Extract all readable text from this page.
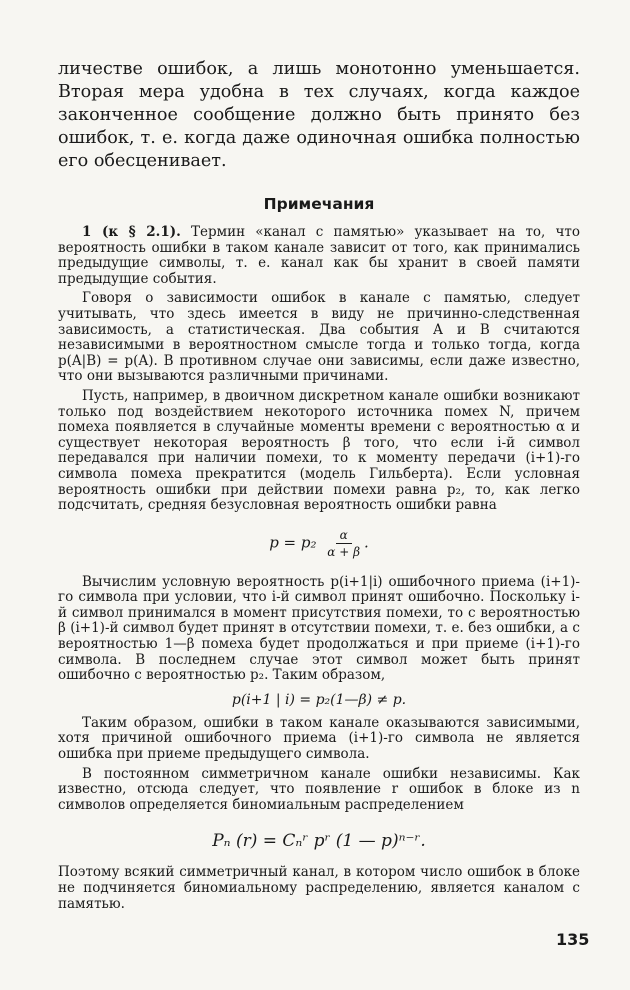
личестве ошибок, а лишь монотонно уменьшается. Вторая мера удобна в тех случаях, когда каждое законченное сообщение должно быть принято без ошибок, т. е. когда даже одиночная ошибка полностью его обесценивает.

Примечания

1 (к § 2.1). Термин «канал с памятью» указывает на то, что вероятность ошибки в таком канале зависит от того, как принимались предыдущие символы, т. е. канал как бы хранит в своей памяти предыдущие события.

Говоря о зависимости ошибок в канале с памятью, следует учитывать, что здесь имеется в виду не причинно-следственная зависимость, а статистическая. Два события A и B считаются независимыми в вероятностном смысле тогда и только тогда, когда p(A|B) = p(A). В противном случае они зависимы, если даже известно, что они вызываются различными причинами.

Пусть, например, в двоичном дискретном канале ошибки возникают только под воздействием некоторого источника помех N, причем помеха появляется в случайные моменты времени с вероятностью α и существует некоторая вероятность β того, что если i-й символ передавался при наличии помехи, то к моменту передачи (i+1)-го символа помеха прекратится (модель Гильберта). Если условная вероятность ошибки при действии помехи равна p₂, то, как легко подсчитать, средняя безусловная вероятность ошибки равна

$p = p_2 \frac{\alpha}{\alpha + \beta}$ .

Вычислим условную вероятность p(i+1|i) ошибочного приема (i+1)-го символа при условии, что i-й символ принят ошибочно. Поскольку i-й символ принимался в момент присутствия помехи, то с вероятностью β (i+1)-й символ будет принят в отсутствии помехи, т. е. без ошибки, а с вероятностью 1—β помеха будет продолжаться и при приеме (i+1)-го символа. В последнем случае этот символ может быть принят ошибочно с вероятностью p₂. Таким образом,

p(i+1 | i) = p₂(1—β) ≠ p.

Таким образом, ошибки в таком канале оказываются зависимыми, хотя причиной ошибочного приема (i+1)-го символа не является ошибка при приеме предыдущего символа.

В постоянном симметричном канале ошибки независимы. Как известно, отсюда следует, что появление r ошибок в блоке из n символов определяется биномиальным распределением

Pₙ (r) = Cₙʳ pʳ (1 — p)ⁿ⁻ʳ.

Поэтому всякий симметричный канал, в котором число ошибок в блоке не подчиняется биномиальному распределению, является каналом с памятью.

135
